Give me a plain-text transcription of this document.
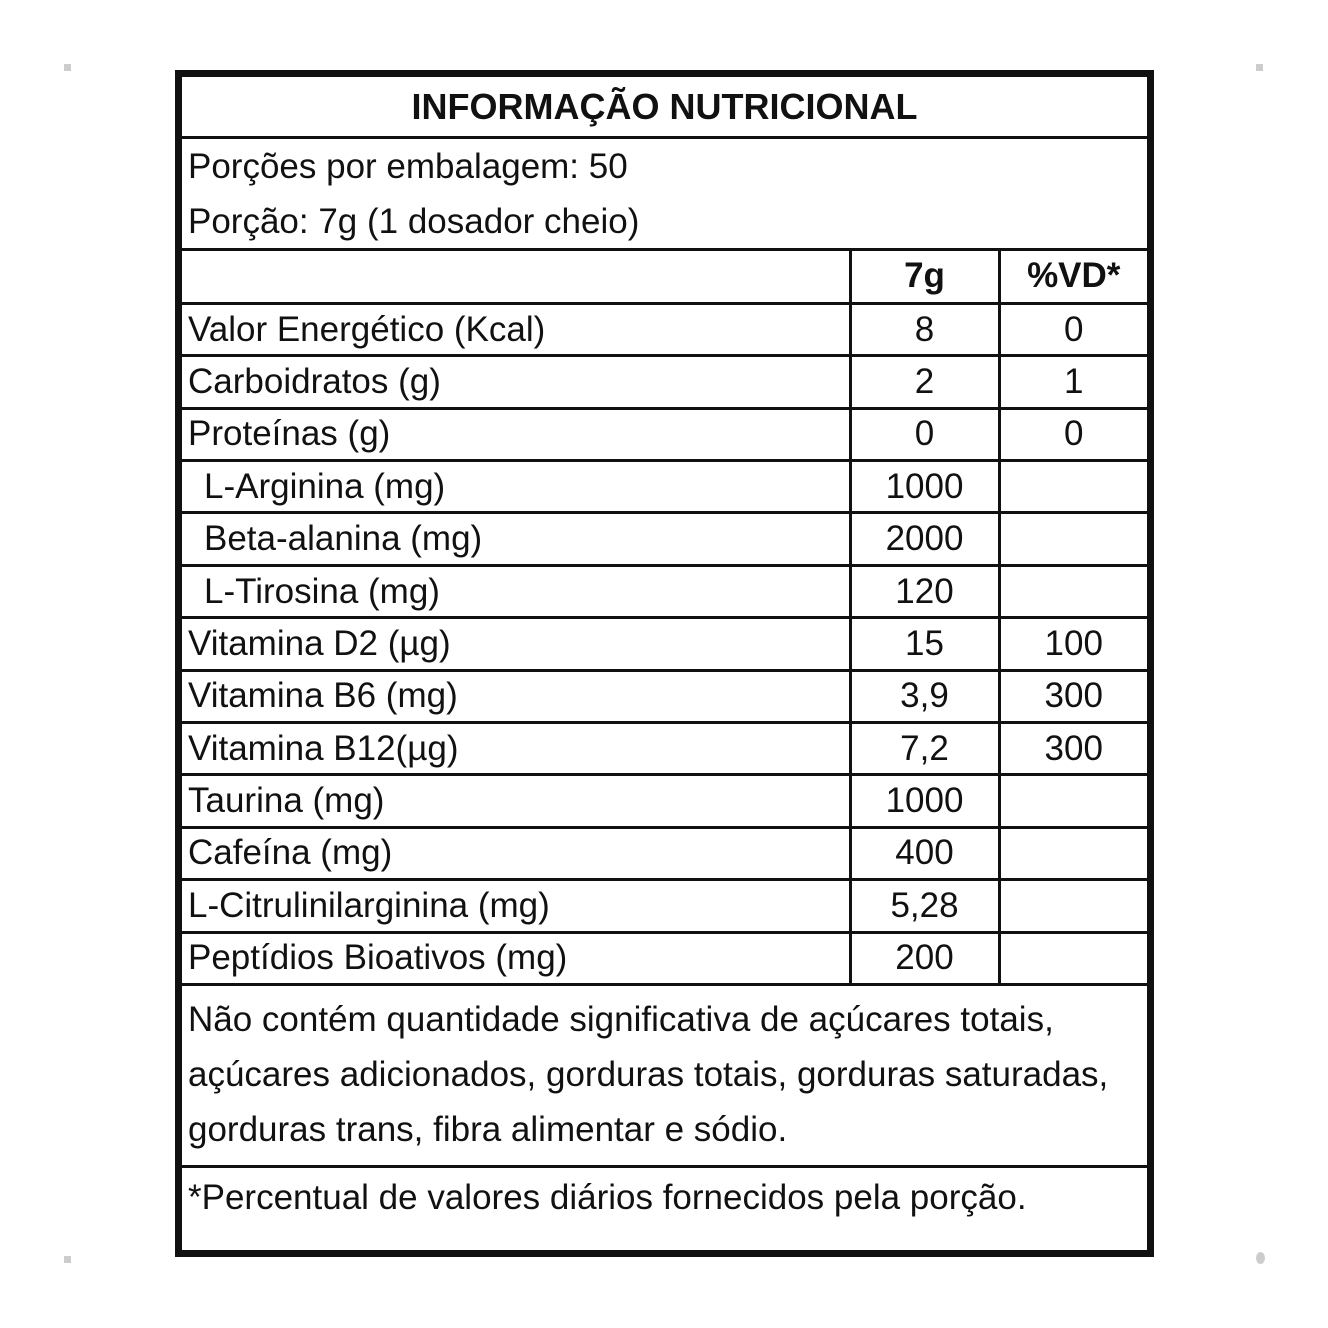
INFORMAÇÃO NUTRICIONAL
Porções por embalagem: 50
Porção: 7g (1 dosador cheio)
	7g	%VD*
Valor Energético (Kcal)	8	0
Carboidratos (g)	2	1
Proteínas (g)	0	0
L-Arginina (mg)	1000	
Beta-alanina (mg)	2000	
L-Tirosina (mg)	120	
Vitamina D2 (µg)	15	100
Vitamina B6 (mg)	3,9	300
Vitamina B12(µg)	7,2	300
Taurina (mg)	1000	
Cafeína (mg)	400	
L-Citrulinilarginina (mg)	5,28	
Peptídios Bioativos (mg)	200	
Não contém quantidade significativa de açúcares totais, açúcares adicionados, gorduras totais, gorduras saturadas, gorduras trans, fibra alimentar e sódio.
*Percentual de valores diários fornecidos pela porção.
